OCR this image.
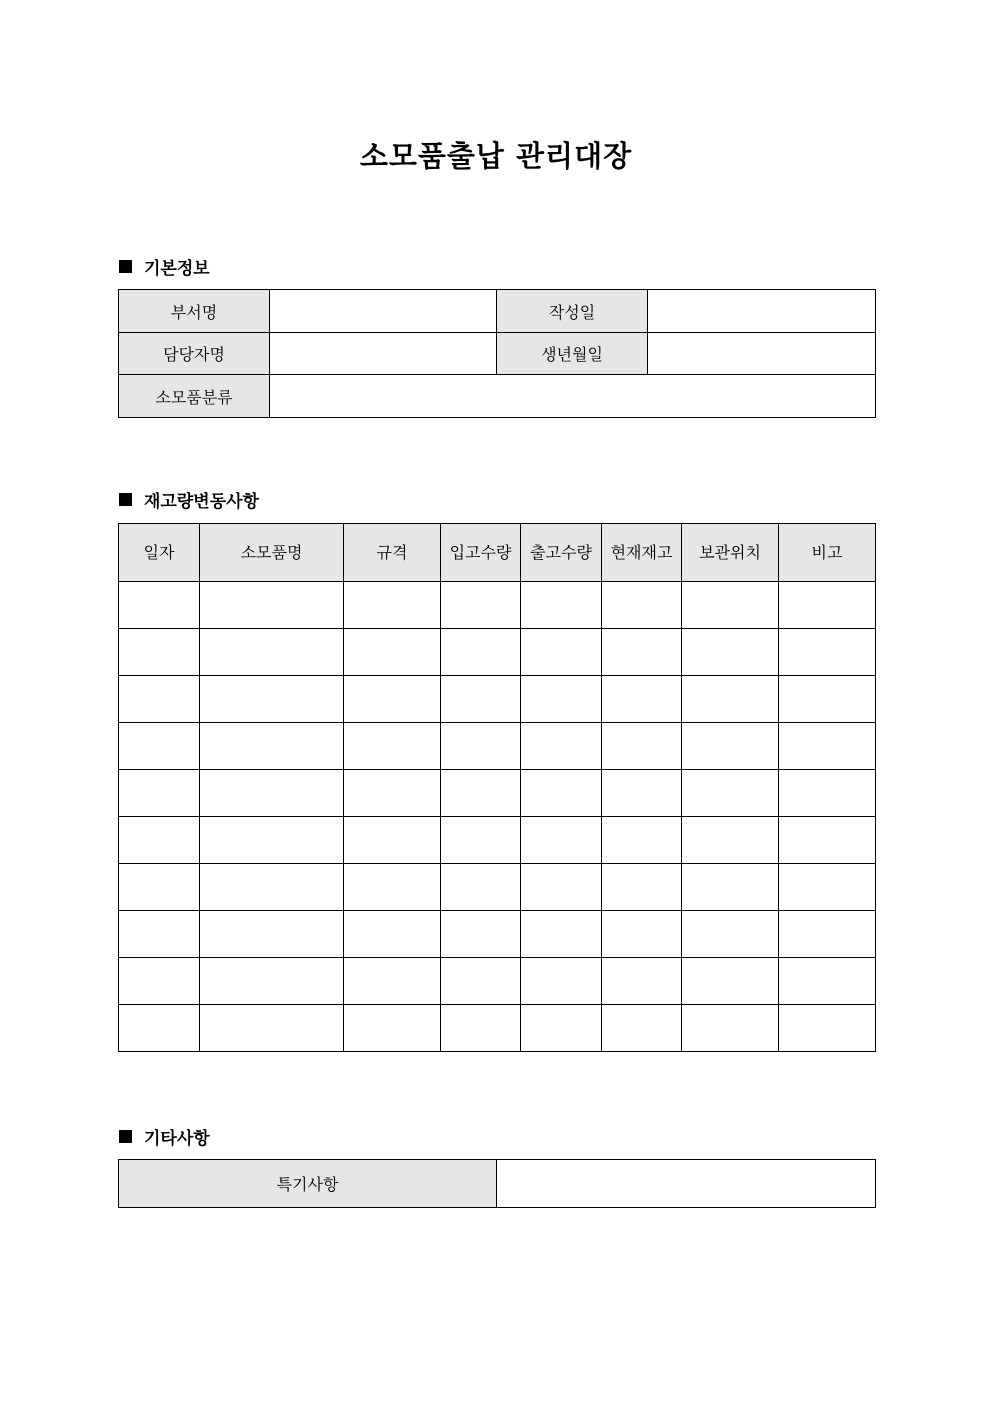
소모품출납 관리대장
기본정보
부서명		작성일	
담당자명		생년월일	
소모품분류			
재고량변동사항
일자	소모품명	규격	입고수량	출고수량	현재재고	보관위치	비고

기타사항
특기사항	
